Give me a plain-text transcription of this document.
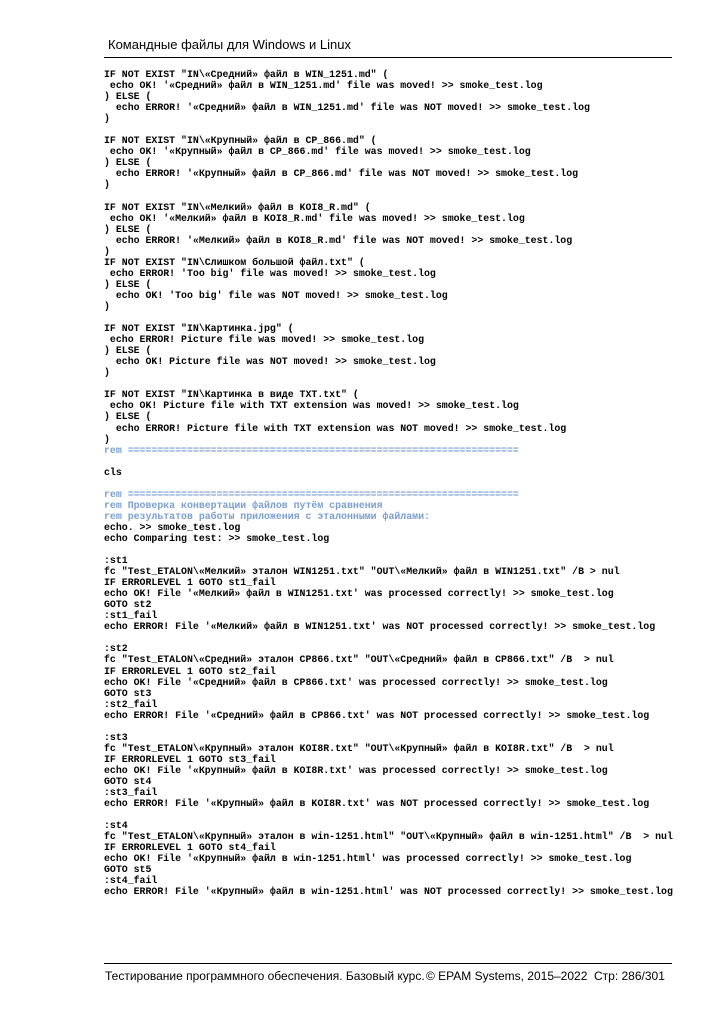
Командные файлы для Windows и Linux
IF NOT EXIST "IN\«Средний» файл в WIN_1251.md" (
echo OK! '«Средний» файл в WIN_1251.md' file was moved! >> smoke_test.log
) ELSE (
echo ERROR! '«Средний» файл в WIN_1251.md' file was NOT moved! >> smoke_test.log
)
IF NOT EXIST "IN\«Крупный» файл в CP_866.md" (
echo OK! '«Крупный» файл в CP_866.md' file was moved! >> smoke_test.log
) ELSE (
echo ERROR! '«Крупный» файл в CP_866.md' file was NOT moved! >> smoke_test.log
)
IF NOT EXIST "IN\«Мелкий» файл в KOI8_R.md" (
echo OK! '«Мелкий» файл в KOI8_R.md' file was moved! >> smoke_test.log
) ELSE (
echo ERROR! '«Мелкий» файл в KOI8_R.md' file was NOT moved! >> smoke_test.log
)
IF NOT EXIST "IN\Слишком большой файл.txt" (
echo ERROR! 'Too big' file was moved! >> smoke_test.log
) ELSE (
echo OK! 'Too big' file was NOT moved! >> smoke_test.log
)
IF NOT EXIST "IN\Картинка.jpg" (
echo ERROR! Picture file was moved! >> smoke_test.log
) ELSE (
echo OK! Picture file was NOT moved! >> smoke_test.log
)
IF NOT EXIST "IN\Картинка в виде TXT.txt" (
echo OK! Picture file with TXT extension was moved! >> smoke_test.log
) ELSE (
echo ERROR! Picture file with TXT extension was NOT moved! >> smoke_test.log
)
rem ==================================================================
cls
rem ==================================================================
rem Проверка конвертации файлов путём сравнения
rem результатов работы приложения с эталонными файлами:
echo. >> smoke_test.log
echo Comparing test: >> smoke_test.log
:st1
fc "Test_ETALON\«Мелкий» эталон WIN1251.txt" "OUT\«Мелкий» файл в WIN1251.txt" /B > nul
IF ERRORLEVEL 1 GOTO st1_fail
echo OK! File '«Мелкий» файл в WIN1251.txt' was processed correctly! >> smoke_test.log
GOTO st2
:st1_fail
echo ERROR! File '«Мелкий» файл в WIN1251.txt' was NOT processed correctly! >> smoke_test.log
:st2
fc "Test_ETALON\«Средний» эталон CP866.txt" "OUT\«Средний» файл в CP866.txt" /B  > nul
IF ERRORLEVEL 1 GOTO st2_fail
echo OK! File '«Средний» файл в CP866.txt' was processed correctly! >> smoke_test.log
GOTO st3
:st2_fail
echo ERROR! File '«Средний» файл в CP866.txt' was NOT processed correctly! >> smoke_test.log
:st3
fc "Test_ETALON\«Крупный» эталон KOI8R.txt" "OUT\«Крупный» файл в KOI8R.txt" /B  > nul
IF ERRORLEVEL 1 GOTO st3_fail
echo OK! File '«Крупный» файл в KOI8R.txt' was processed correctly! >> smoke_test.log
GOTO st4
:st3_fail
echo ERROR! File '«Крупный» файл в KOI8R.txt' was NOT processed correctly! >> smoke_test.log
:st4
fc "Test_ETALON\«Крупный» эталон в win-1251.html" "OUT\«Крупный» файл в win-1251.html" /B  > nul
IF ERRORLEVEL 1 GOTO st4_fail
echo OK! File '«Крупный» файл в win-1251.html' was processed correctly! >> smoke_test.log
GOTO st5
:st4_fail
echo ERROR! File '«Крупный» файл в win-1251.html' was NOT processed correctly! >> smoke_test.log
Тестирование программного обеспечения. Базовый курс. © EPAM Systems, 2015–2022 Стр: 286/301
